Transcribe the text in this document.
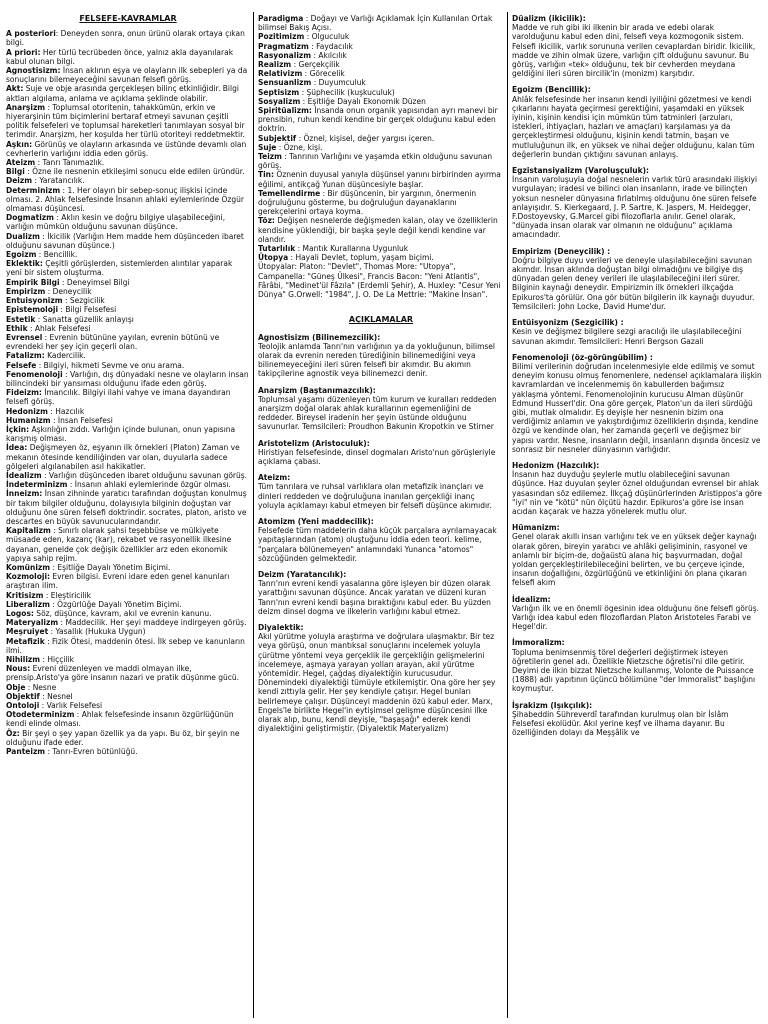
FELSEFE-KAVRAMLAR
A posteriori: Deneyden sonra, onun ürünü olarak ortaya çıkan bilgi.
A priori: Her türlü tecrübeden önce, yalnız akla dayanılarak kabul olunan bilgi.
Agnostisizm: İnsan aklının eşya ve olayların ilk sebepleri ya da sonuçlarını bilemeyeceğini savunan felsefi görüş.
Akt: Suje ve obje arasında gerçekleşen bilinç etkinliğidir. Bilgi aktları algılama, anlama ve açıklama şeklinde olabilir.
Anarşizm : Toplumsal otoritenin, tahakkümün, erkin ve hiyerarşinin tüm biçimlerini bertaraf etmeyi savunan çeşitli politik felsefeleri ve toplumsal hareketleri tanımlayan sosyal bir terimdir. Anarşizm, her koşulda her türlü otoriteyi reddetmektir.
Aşkın: Görünüş ve olayların arkasında ve üstünde devamlı olan cevherlerin varlığını iddia eden görüş.
Ateizm : Tanrı Tanımazlık.
Bilgi : Özne ile nesnenin etkileşimi sonucu elde edilen üründür.
Deizm : Yaratancılık.
Determinizm : 1. Her olayın bir sebep-sonuç ilişkisi içinde olması. 2. Ahlak felsefesinde İnsanın ahlaki eylemlerinde Özgür olmaması düşüncesi.
Dogmatizm : Aklın kesin ve doğru bilgiye ulaşabileceğini, varlığın mümkün olduğunu savunan düşünce.
Dualizm : İkicilik (Varlığın Hem madde hem düşünceden ibaret olduğunu savunan düşünce.)
Egoizm : Bencillik.
Eklektik: Çeşitli görüşlerden, sistemlerden alıntılar yaparak yeni bir sistem oluşturma.
Empirik Bilgi : Deneyimsel Bilgi
Empirizm : Deneycilik
Entuisyonizm : Sezgicilik
Epistemoloji : Bilgi Felsefesi
Estetik : Sanatta güzellik anlayışı
Ethik : Ahlak Felsefesi
Evrensel : Evrenin bütününe yayılan, evrenin bütünü ve evrendeki her şey için geçerli olan.
Fatalizm: Kadercilik.
Felsefe : Bilgiyi, hikmeti Sevme ve onu arama.
Fenomenoloji : Varlığın, dış dünyadaki nesne ve olayların insan bilincindeki bir yansıması olduğunu ifade eden görüş.
Fideizm: İmancılık. Bilgiyi ilahi vahye ve imana dayandıran felsefi görüş.
Hedonizm : Hazcılık
Humanizm : İnsan Felsefesi
İçkin: Aşkınlığın zıddı. Varlığın içinde bulunan, onun yapısına karışmış olması.
İdea: Değişmeyen öz, eşyanın ilk örnekleri (Platon) Zaman ve mekanın ötesinde kendiliğinden var olan, duyularla sadece gölgeleri algılanabilen asıl hakikatler.
İdealizm : Varlığın düşünceden ibaret olduğunu savunan görüş.
İndeterminizm : İnsanın ahlaki eylemlerinde özgür olması.
İnneizm: İnsan zihninde yaratıcı tarafından doğuştan konulmuş bir takım bilgiler olduğunu, dolayısıyla bilginin doğuştan var olduğunu öne süren felsefi doktrindir. socrates, platon, aristo ve descartes en büyük savunucularındandır.
Kapitalizm : Sınırlı olarak şahsi teşebbüse ve mülkiyete müsaade eden, kazanç (kar), rekabet ve rasyonellik ilkesine dayanan, genelde çok değişik özellikler arz eden ekonomik yapıya sahip rejim.
Komünizm : Eşitliğe Dayalı Yönetim Biçimi.
Kozmoloji: Evren bilgisi. Evreni idare eden genel kanunları araştıran ilim.
Kritisizm : Eleştiricilik
Liberalizm : Özgürlüğe Dayalı Yönetim Biçimi.
Logos: Söz, düşünce, kavram, akıl ve evrenin kanunu.
Materyalizm : Maddecilik. Her şeyi maddeye indirgeyen görüş.
Meşruiyet : Yasallık (Hukuka Uygun)
Metafizik : Fizik Ötesi, maddenin ötesi. İlk sebep ve kanunların ilmi.
Nihilizm : Hiççilik
Nous: Evreni düzenleyen ve maddi olmayan ilke, prensip.Aristo'ya göre insanın nazari ve pratik düşünme gücü.
Obje : Nesne
Objektif : Nesnel
Ontoloji : Varlık Felsefesi
Otodeterminizm : Ahlak felsefesinde insanın özgürlüğünün kendi elinde olması.
Öz: Bir şeyi o şey yapan özellik ya da yapı. Bu öz, bir şeyin ne olduğunu ifade eder.
Panteizm : Tanrı-Evren bütünlüğü.
Paradigma : Doğayı ve Varlığı Açıklamak İçin Kullanılan Ortak bilimsel Bakış Açısı.
Pozitimizm : Olguculuk
Pragmatizm : Faydacılık
Rasyonalizm : Akılcılık
Realizm : Gerçekçilik
Relativizm : Görecelik
Sensuanlizm : Duyumculuk
Septisizm : Şüphecilik (kuşkuculuk)
Sosyalizm : Eşitliğe Dayalı Ekonomik Düzen
Spiritüalizm: İnsanda onun organik yapısından ayrı manevi bir prensibin, ruhun kendi kendine bir gerçek olduğunu kabul eden doktrin.
Subjektif : Öznel, kişisel, değer yargısı içeren.
Suje : Özne, kişi.
Teizm : Tanrının Varlığını ve yaşamda etkin olduğunu savunan görüş.
Tin: Öznenin duyusal yanıyla düşünsel yanını birbirinden ayırma eğilimi, antikçağ Yunan düşüncesiyle başlar.
Temellendirme : Bir düşüncenin, bir yargının, önermenin doğruluğunu gösterme, bu doğruluğun dayanaklarını gerekçelerini ortaya koyma.
Töz: Değişen nesnelerde değişmeden kalan, olay ve özelliklerin kendisine yüklendiği, bir başka şeyle değil kendi kendine var olandır.
Tutarlılık : Mantık Kurallarına Uygunluk
Ütopya : Hayali Devlet, toplum, yaşam biçimi.
Ütopyalar: Platon: "Devlet", Thomas More: "Utopya", Campanella: "Güneş Ülkesi", Francis Bacon: "Yeni Atlantis", Fârâbi, "Medinet'ül Fâzıla" (Erdemli Şehir), A. Huxley: "Cesur Yeni Dünya" G.Orwell: "1984", J. O. De La Mettrie: "Makine İnsan".
AÇIKLAMALAR
Agnostisizm (Bilinemezcilik):
Teolojik anlamda Tanrı'nın varlığının ya da yokluğunun, bilimsel olarak da evrenin nereden türediğinin bilinemediğini veya bilinemeyeceğini ileri süren felsefi bir akımdır. Bu akımın takipçilerine agnostik veya bilinemezci denir.
Anarşizm (Baştanımazcılık):
Toplumsal yaşamı düzenleyen tüm kurum ve kuralları reddeden anarşizm doğal olarak ahlak kurallarının egemenliğini de reddeder. Bireysel iradenin her şeyin üstünde olduğunu savunurlar. Temsilcileri: Proudhon Bakunin Kropotkin ve Stirner
Aristotelizm (Aristoculuk):
Hiristiyan felsefesinde, dinsel dogmaları Aristo'nun görüşleriyle açıklama çabası.
Ateizm:
Tüm tanrılara ve ruhsal varlıklara olan metafizik inançları ve dinleri reddeden ve doğruluğuna inanılan gerçekliği inanç yoluyla açıklamayı kabul etmeyen bir felsefi düşünce akımıdır.
Atomizm (Yeni maddecilik):
Felsefede tüm maddelerin daha küçük parçalara ayrılamayacak yapıtaşlarından (atom) oluştuğunu iddia eden teori. kelime, "parçalara bölünemeyen" anlamındaki Yunanca "atomos" sözcüğünden gelmektedir.
Deizm (Yaratancılık):
Tanrı'nın evreni kendi yasalarına göre işleyen bir düzen olarak yarattığını savunan düşünce. Ancak yaratan ve düzeni kuran Tanrı'nın evreni kendi başına bıraktığını kabul eder. Bu yüzden deizm dinsel dogma ve ilkelerin varlığını kabul etmez.
Diyalektik:
Akıl yürütme yoluyla araştırma ve doğrulara ulaşmaktır. Bir tez veya görüşü, onun mantıksal sonuçlarını incelemek yoluyla çürütme yöntemi veya gerçeklik ile gerçekliğin gelişmelerini incelemeye, aşmaya yarayan yolları arayan, akıl yürütme yöntemidir. Hegel, çağdaş diyalektiğin kurucusudur. Dönemindeki diyalektiği tümüyle etkilemiştir. Ona göre her şey kendi zıttıyla gelir. Her şey kendiyle çatışır. Hegel bunları belirlemeye çalışır. Düşünceyi maddenin özü kabul eder. Marx, Engels'le birlikte Hegel'in eytişimsel gelişme düşüncesini ilke olarak alıp, bunu, kendi deyişle, "başaşağı" ederek kendi diyalektiğini geliştirmiştir. (Diyalektik Materyalizm)
Düalizm (ikicilik):
Madde ve ruh gibi iki ilkenin bir arada ve edebi olarak varolduğunu kabul eden dini, felsefi veya kozmogonik sistem. Felsefi ikicilik, varlık sorununa verilen cevaplardan biridir. İkicilik, madde ve zihin olmak üzere, varlığın çift olduğunu savunur. Bu görüş, varlığın «tek» olduğunu, tek bir cevherden meydana geldiğini ileri süren bircilik'in (monizm) karşıtıdır.
Egoizm (Bencillik):
Ahlâk felsefesinde her insanın kendi iyiliğini gözetmesi ve kendi çıkarlarını hayata geçirmesi gerektiğini, yaşamdaki en yüksek iyinin, kişinin kendisi için mümkün tüm tatminleri (arzuları, istekleri, ihtiyaçları, hazları ve amaçları) karşılaması ya da gerçekleştirmesi olduğunu, kişinin kendi tatmin, başarı ve mutluluğunun ilk, en yüksek ve nihai değer olduğunu, kalan tüm değerlerin bundan çıktığını savunan anlayış.
Egzistansiyalizm (Varoluşçuluk):
İnsanın varoluşuyla doğal nesnelerin varlık türü arasındaki ilişkiyi vurgulayan; iradesi ve bilinci olan insanların, irade ve bilinçten yoksun nesneler dünyasına fırlatılmış olduğunu öne süren felsefe anlayışıdır. S. Kierkegaard, J. P. Sartre, K. Jaspers, M. Heidegger, F.Dostoyevsky, G.Marcel gibi filozoflarla anılır. Genel olarak, "dünyada insan olarak var olmanın ne olduğunu" açıklama amacındadır.
Empirizm (Deneycilik) :
Doğru bilgiye duyu verileri ve deneyle ulaşılabileceğini savunan akımdır. İnsan aklında doğuştan bilgi olmadığını ve bilgiye dış dünyadan gelen deney verileri ile ulaşılabileceğini ileri sürer. Bilginin kaynağı deneydir. Empirizmin ilk örnekleri ilkçağda Epikuros'ta görülür. Ona gör bütün bilgilerin ilk kaynağı duyudur. Temsilcileri: John Locke, David Hume'dur.
Entüisyonizm (Sezgicilik) :
Kesin ve değişmez bilgilere sezgi aracılığı ile ulaşılabileceğini savunan akımdır. Temsilcileri: Henri Bergson Gazali
Fenomenoloji (öz-görüngübilim) :
Bilimi verilerinin doğrudan incelenmesiyle elde edilmiş ve somut deneyim konusu olmuş fenomenlere, nedensel açıklamalara ilişkin kavramlardan ve incelenmemiş ön kabullerden bağımsız yaklaşma yöntemi. Fenomenolojinin kurucusu Alman düşünür Edmund Husserl'dir. Ona göre gerçek, Platon'un da ileri sürdüğü gibi, mutlak olmalıdır. Eş deyişle her nesnenin bizim ona verdiğimiz anlamın ve yakıştırdığımız özelliklerin dışında, kendine özgü ve kendinde olan, her zamanda geçerli ve değişmez bir yapısı vardır. Nesne, insanların değil, insanların dışında öncesiz ve sonrasız bir nesneler dünyasının varlığıdır.
Hedonizm (Hazcılık):
İnsanın haz duyduğu şeylerle mutlu olabileceğini savunan düşünce. Haz duyulan şeyler öznel olduğundan evrensel bir ahlak yasasından söz edilemez. İlkçağ düşünürlerinden Aristippos'a göre "iyi" nin ve "kötü" nün ölçütü hazdır. Epikuros'a göre ise insan acıdan kaçarak ve hazza yönelerek mutlu olur.
Hümanizm:
Genel olarak akıllı insan varlığını tek ve en yüksek değer kaynağı olarak gören, bireyin yaratıcı ve ahlâki gelişiminin, rasyonel ve anlamlı bir biçim-de, doğaüstü alana hiç başvurmadan, doğal yoldan gerçekleştirilebileceğini belirten, ve bu çerçeve içinde, insanın doğallığını, özgürlüğünü ve etkinliğini ön plana çıkaran felsefi akım
İdealizm:
Varlığın ilk ve en önemli ögesinin idea olduğunu öne felsefi görüş. Varlığı idea kabul eden filozoflardan Platon Aristoteles Farabi ve Hegel'dir.
İmmoralizm:
Topluma benimsenmiş törel değerleri değiştirmek isteyen öğretilerin genel adı. Özellikle Nietzsche öğretisi'ni dile getirir. Deyimi de ilkin bizzat Nietzsche kullanmış, Volonte de Puissance (1888) adlı yapıtının üçüncü bölümüne "der Immoralist" başlığını koymuştur.
İşrakizm (Işıkçılık):
Şihabeddin Sühreverdî tarafından kurulmuş olan bir İslâm Felsefesi ekolüdür. Akıl yerine keşf ve ilhama dayanır. Bu özelliğinden dolayı da Meşşâlik ve
